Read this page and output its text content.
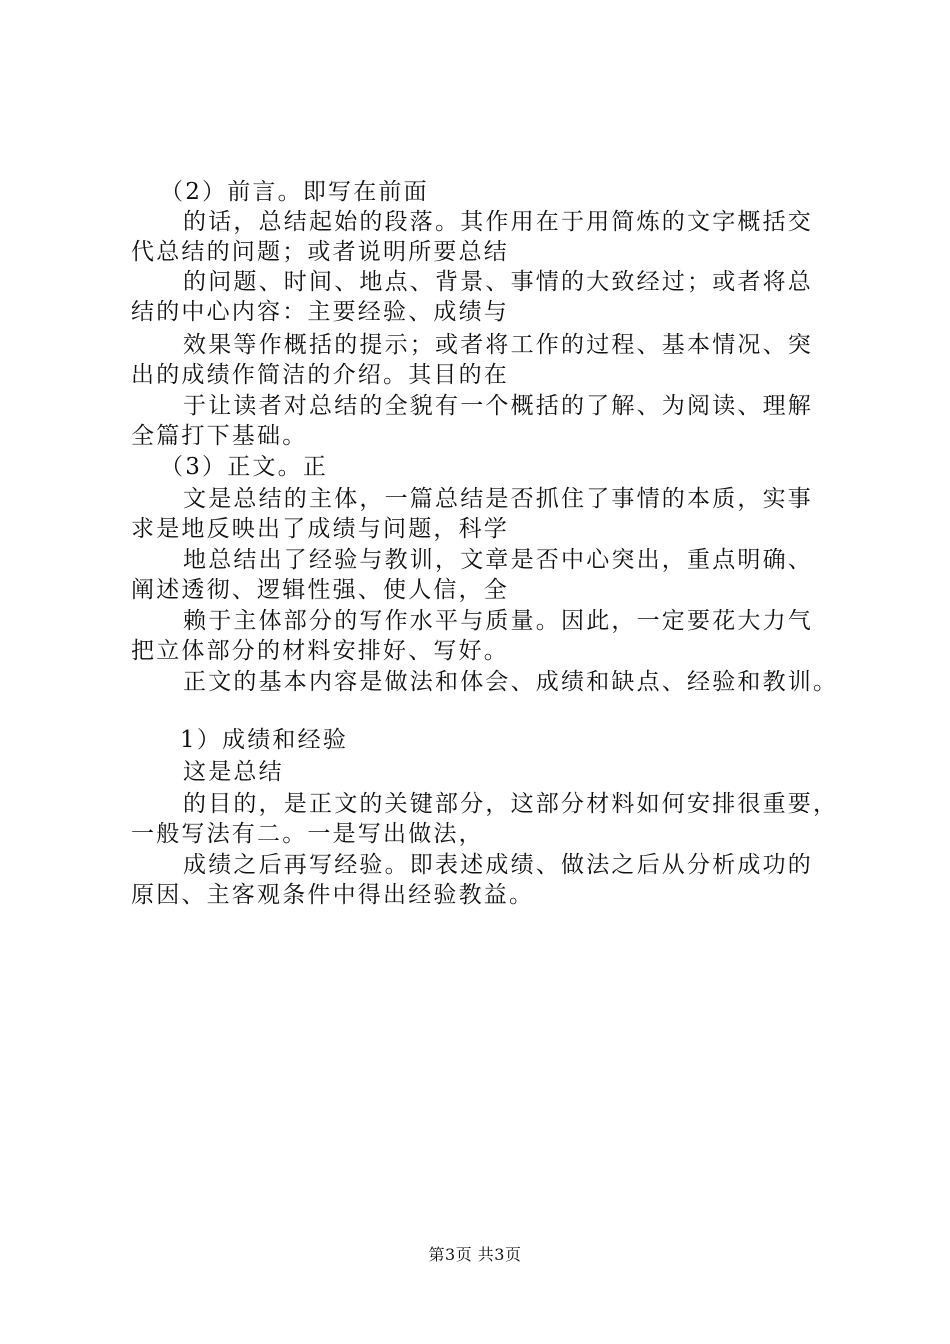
（2）前言。即写在前面
的话，总结起始的段落。其作用在于用简炼的文字概括交
代总结的问题；或者说明所要总结
的问题、时间、地点、背景、事情的大致经过；或者将总
结的中心内容：主要经验、成绩与
效果等作概括的提示；或者将工作的过程、基本情况、突
出的成绩作简洁的介绍。其目的在
于让读者对总结的全貌有一个概括的了解、为阅读、理解
全篇打下基础。
（3）正文。正
文是总结的主体，一篇总结是否抓住了事情的本质，实事
求是地反映出了成绩与问题，科学
地总结出了经验与教训，文章是否中心突出，重点明确、
阐述透彻、逻辑性强、使人信，全
赖于主体部分的写作水平与质量。因此，一定要花大力气
把立体部分的材料安排好、写好。
正文的基本内容是做法和体会、成绩和缺点、经验和教训。
1）成绩和经验
这是总结
的目的，是正文的关键部分，这部分材料如何安排很重要，
一般写法有二。一是写出做法，
成绩之后再写经验。即表述成绩、做法之后从分析成功的
原因、主客观条件中得出经验教益。
第3页 共3页
